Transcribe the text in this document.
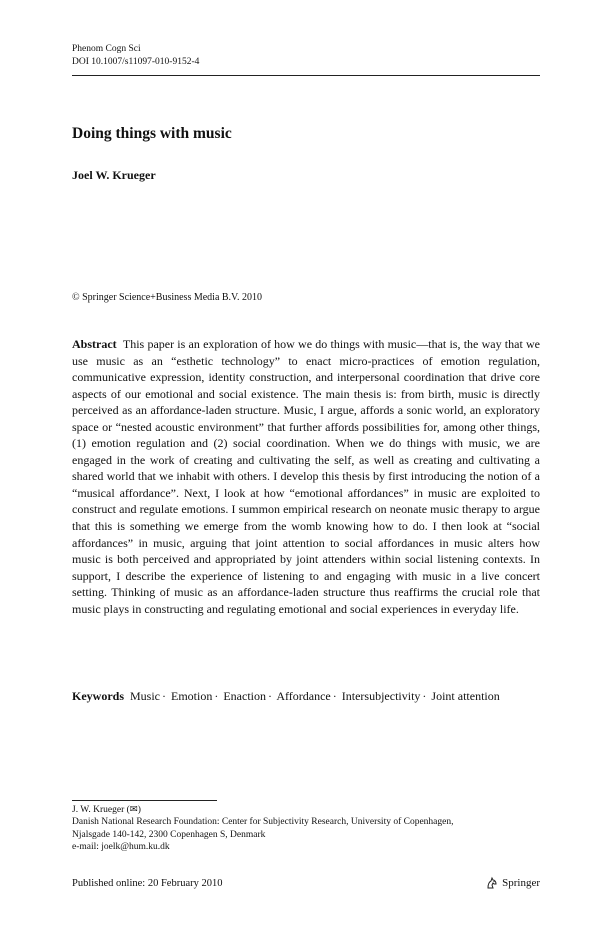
Phenom Cogn Sci
DOI 10.1007/s11097-010-9152-4
Doing things with music
Joel W. Krueger
© Springer Science+Business Media B.V. 2010

Abstract This paper is an exploration of how we do things with music—that is, the way that we use music as an “esthetic technology” to enact micro-practices of emotion regulation, communicative expression, identity construction, and interpersonal coordination that drive core aspects of our emotional and social existence. The main thesis is: from birth, music is directly perceived as an affordance-laden structure. Music, I argue, affords a sonic world, an exploratory space or “nested acoustic environment” that further affords possibilities for, among other things, (1) emotion regulation and (2) social coordination. When we do things with music, we are engaged in the work of creating and cultivating the self, as well as creating and cultivating a shared world that we inhabit with others. I develop this thesis by first introducing the notion of a “musical affordance”. Next, I look at how “emotional affordances” in music are exploited to construct and regulate emotions. I summon empirical research on neonate music therapy to argue that this is something we emerge from the womb knowing how to do. I then look at “social affordances” in music, arguing that joint attention to social affordances in music alters how music is both perceived and appropriated by joint attenders within social listening contexts. In support, I describe the experience of listening to and engaging with music in a live concert setting. Thinking of music as an affordance-laden structure thus reaffirms the crucial role that music plays in constructing and regulating emotional and social experiences in everyday life.

Keywords Music · Emotion · Enaction · Affordance · Intersubjectivity · Joint attention

J. W. Krueger (✉)
Danish National Research Foundation: Center for Subjectivity Research, University of Copenhagen,
Njalsgade 140-142, 2300 Copenhagen S, Denmark
e-mail: joelk@hum.ku.dk
Published online: 20 February 2010	Springer
